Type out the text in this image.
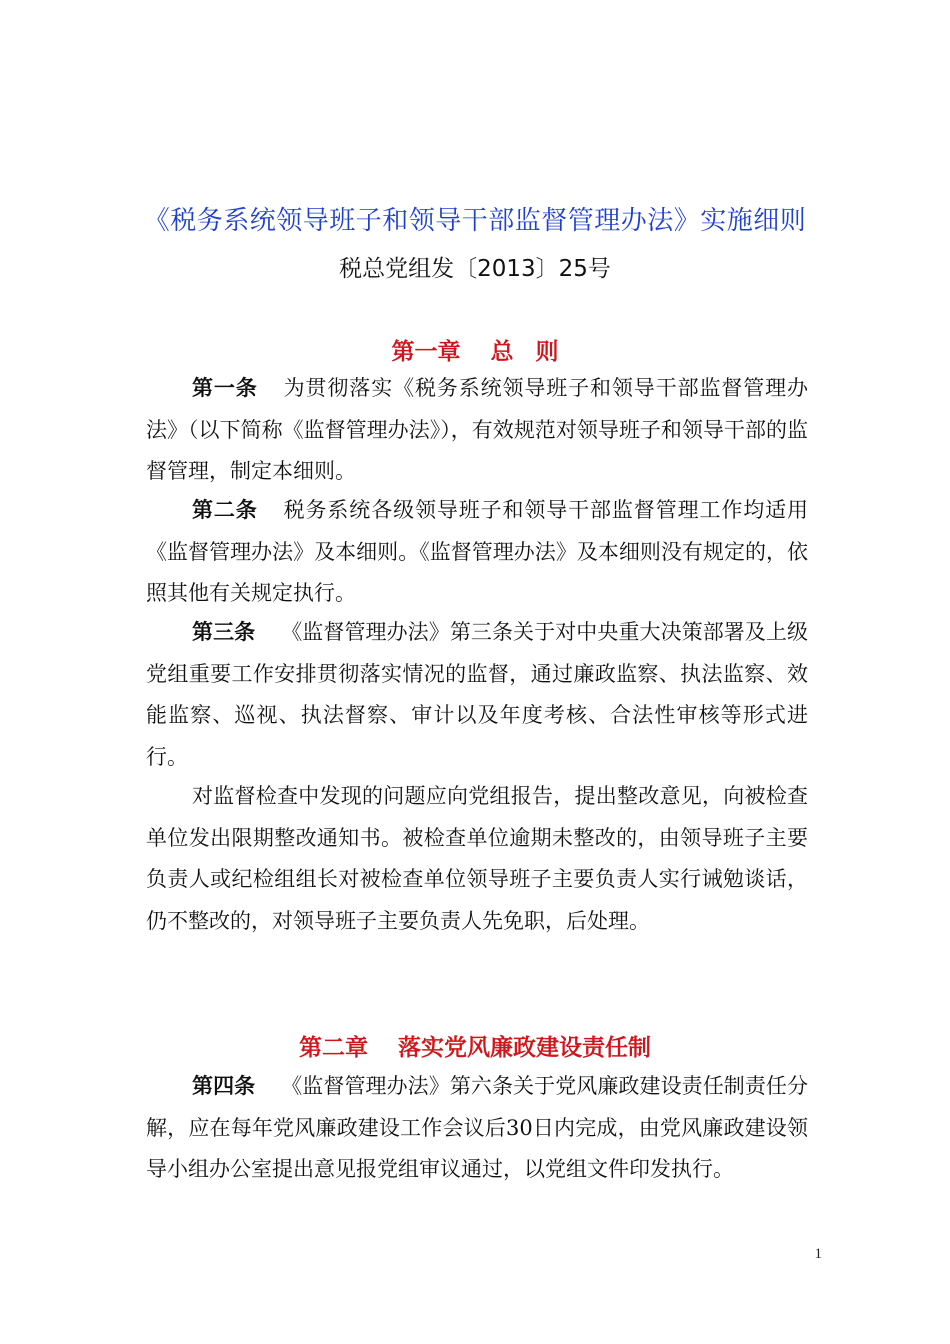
《税务系统领导班子和领导干部监督管理办法》实施细则
税总党组发〔2013〕25号
第一章 总 则
第一条 为贯彻落实《税务系统领导班子和领导干部监督管理办法》（以下简称《监督管理办法》），有效规范对领导班子和领导干部的监督管理，制定本细则。
第二条 税务系统各级领导班子和领导干部监督管理工作均适用《监督管理办法》及本细则。《监督管理办法》及本细则没有规定的，依照其他有关规定执行。
第三条 《监督管理办法》第三条关于对中央重大决策部署及上级党组重要工作安排贯彻落实情况的监督，通过廉政监察、执法监察、效能监察、巡视、执法督察、审计以及年度考核、合法性审核等形式进行。
对监督检查中发现的问题应向党组报告，提出整改意见，向被检查单位发出限期整改通知书。被检查单位逾期未整改的，由领导班子主要负责人或纪检组组长对被检查单位领导班子主要负责人实行诫勉谈话，仍不整改的，对领导班子主要负责人先免职，后处理。
第二章 落实党风廉政建设责任制
第四条 《监督管理办法》第六条关于党风廉政建设责任制责任分解，应在每年党风廉政建设工作会议后30日内完成，由党风廉政建设领导小组办公室提出意见报党组审议通过，以党组文件印发执行。
1
